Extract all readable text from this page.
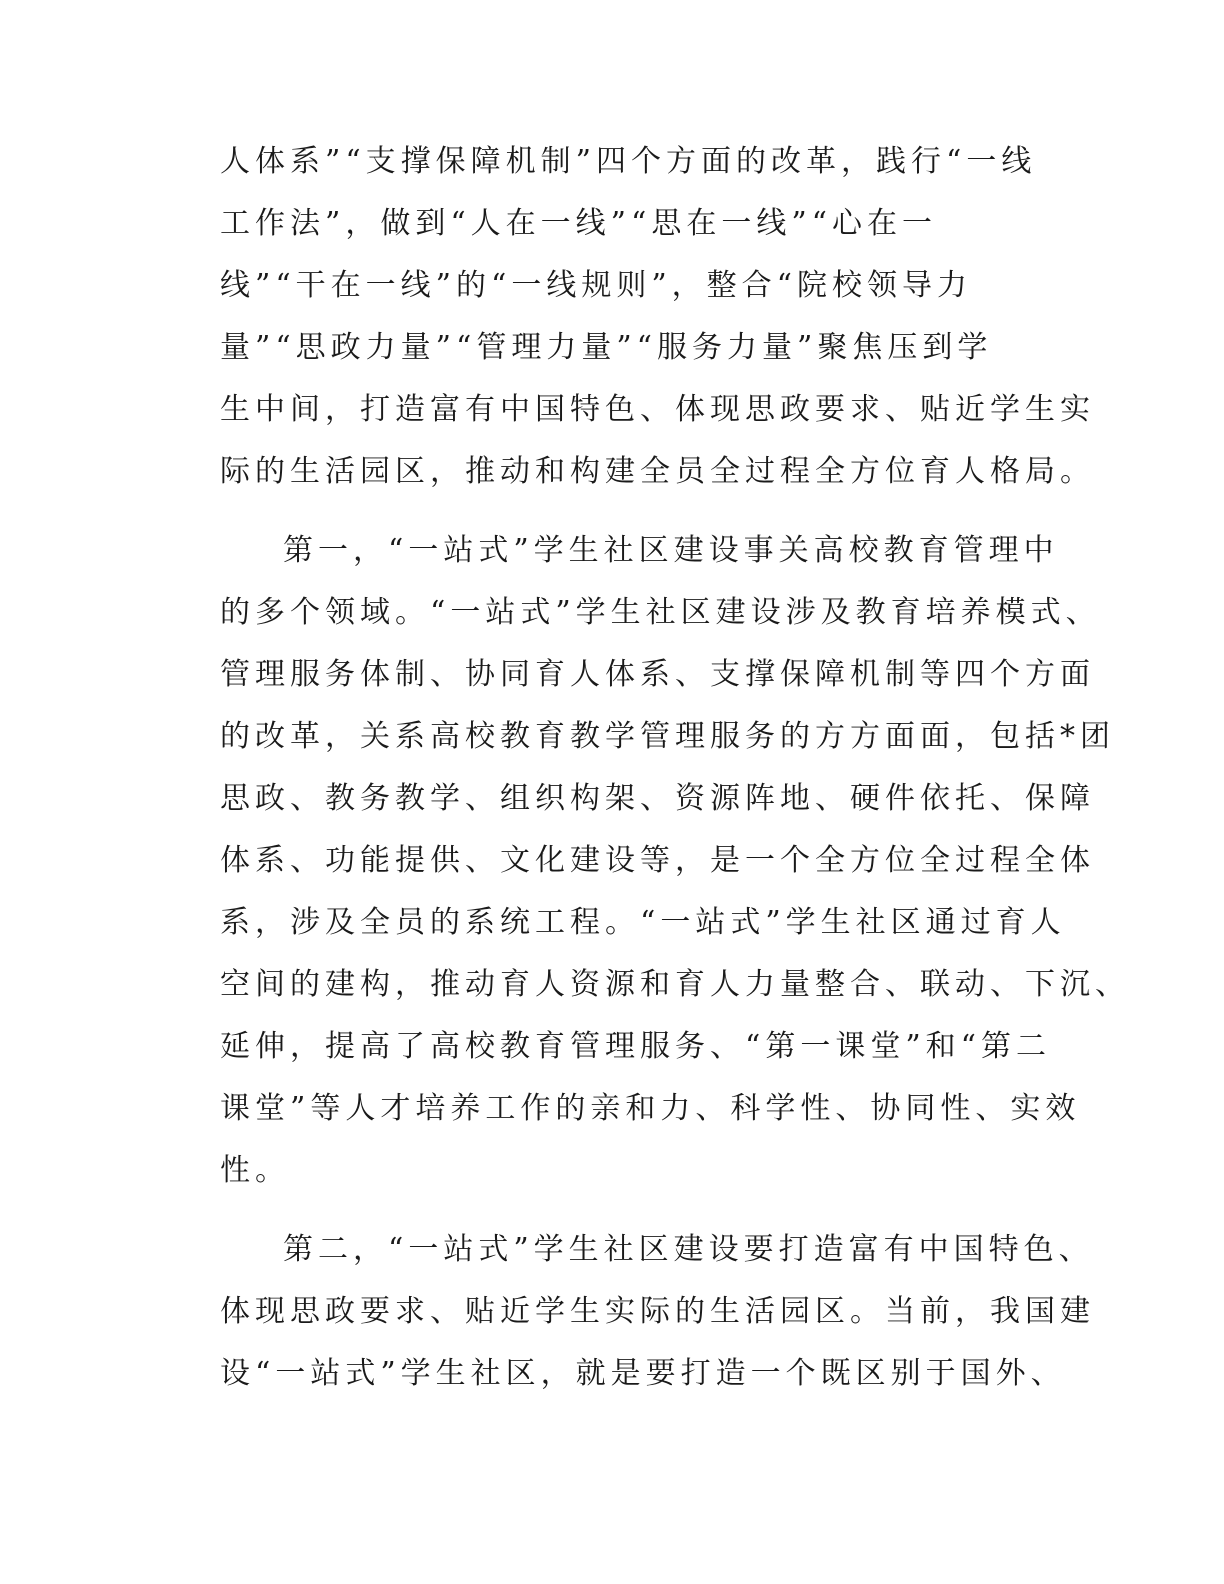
人体系”“支撑保障机制”四个方面的改革，践行“一线
工作法”，做到“人在一线”“思在一线”“心在一
线”“干在一线”的“一线规则”，整合“院校领导力
量”“思政力量”“管理力量”“服务力量”聚焦压到学
生中间，打造富有中国特色、体现思政要求、贴近学生实
际的生活园区，推动和构建全员全过程全方位育人格局。
第一，“一站式”学生社区建设事关高校教育管理中
的多个领域。“一站式”学生社区建设涉及教育培养模式、
管理服务体制、协同育人体系、支撑保障机制等四个方面
的改革，关系高校教育教学管理服务的方方面面，包括*团
思政、教务教学、组织构架、资源阵地、硬件依托、保障
体系、功能提供、文化建设等，是一个全方位全过程全体
系，涉及全员的系统工程。“一站式”学生社区通过育人
空间的建构，推动育人资源和育人力量整合、联动、下沉、
延伸，提高了高校教育管理服务、“第一课堂”和“第二
课堂”等人才培养工作的亲和力、科学性、协同性、实效
性。
第二，“一站式”学生社区建设要打造富有中国特色、
体现思政要求、贴近学生实际的生活园区。当前，我国建
设“一站式”学生社区，就是要打造一个既区别于国外、
